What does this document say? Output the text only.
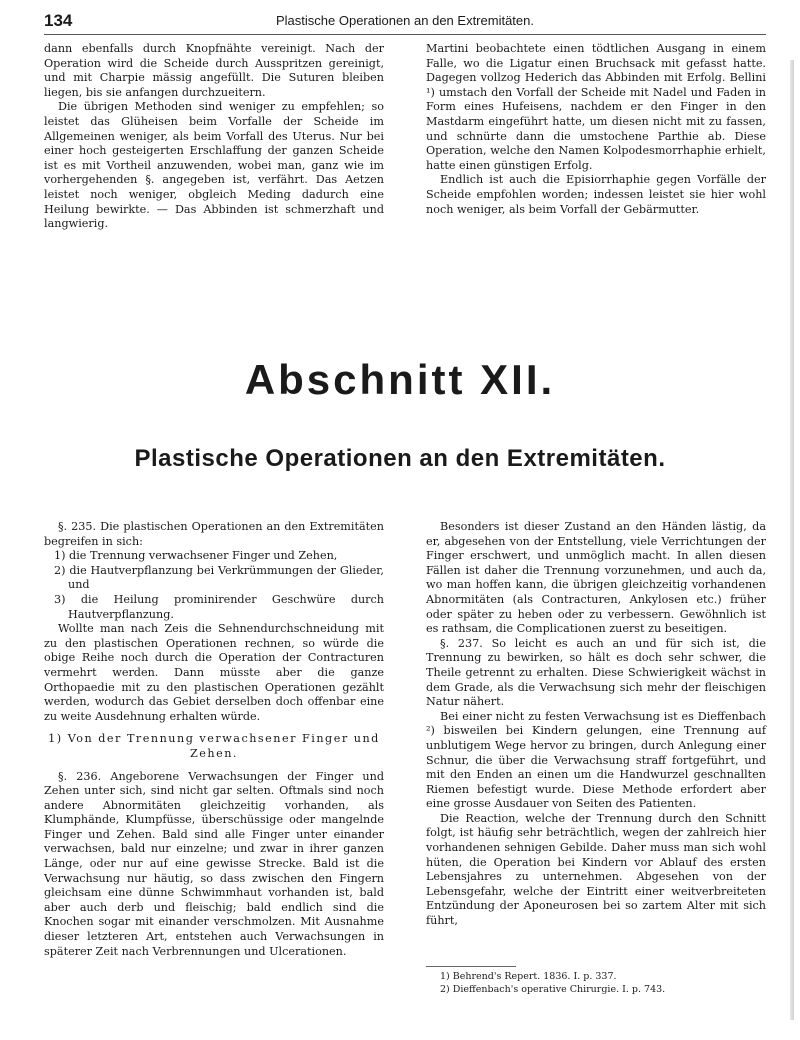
134	Plastische Operationen an den Extremitäten.

dann ebenfalls durch Knopfnähte vereinigt. Nach der Operation wird die Scheide durch Ausspritzen gereinigt, und mit Charpie mässig angefüllt. Die Suturen bleiben liegen, bis sie anfangen durchzueitern.

Die übrigen Methoden sind weniger zu empfehlen; so leistet das Glüheisen beim Vorfalle der Scheide im Allgemeinen weniger, als beim Vorfall des Uterus. Nur bei einer hoch gesteigerten Erschlaffung der ganzen Scheide ist es mit Vortheil anzuwenden, wobei man, ganz wie im vorhergehenden §. angegeben ist, verfährt. Das Aetzen leistet noch weniger, obgleich Meding dadurch eine Heilung bewirkte. — Das Abbinden ist schmerzhaft und langwierig.

Martini beobachtete einen tödtlichen Ausgang in einem Falle, wo die Ligatur einen Bruchsack mit gefasst hatte. Dagegen vollzog Hederich das Abbinden mit Erfolg. Bellini ¹) umstach den Vorfall der Scheide mit Nadel und Faden in Form eines Hufeisens, nachdem er den Finger in den Mastdarm eingeführt hatte, um diesen nicht mit zu fassen, und schnürte dann die umstochene Parthie ab. Diese Operation, welche den Namen Kolpodesmorrhaphie erhielt, hatte einen günstigen Erfolg.

Endlich ist auch die Episiorrhaphie gegen Vorfälle der Scheide empfohlen worden; indessen leistet sie hier wohl noch weniger, als beim Vorfall der Gebärmutter.

Abschnitt XII.
Plastische Operationen an den Extremitäten.

§. 235. Die plastischen Operationen an den Extremitäten begreifen in sich:

1) die Trennung verwachsener Finger und Zehen,

2) die Hautverpflanzung bei Verkrümmungen der Glieder, und

3) die Heilung prominirender Geschwüre durch Hautverpflanzung.

Wollte man nach Zeis die Sehnendurchschneidung mit zu den plastischen Operationen rechnen, so würde die obige Reihe noch durch die Operation der Contracturen vermehrt werden. Dann müsste aber die ganze Orthopaedie mit zu den plastischen Operationen gezählt werden, wodurch das Gebiet derselben doch offenbar eine zu weite Ausdehnung erhalten würde.

1) Von der Trennung verwachsener Finger und Zehen.

§. 236. Angeborene Verwachsungen der Finger und Zehen unter sich, sind nicht gar selten. Oftmals sind noch andere Abnormitäten gleichzeitig vorhanden, als Klumphände, Klumpfüsse, überschüssige oder mangelnde Finger und Zehen. Bald sind alle Finger unter einander verwachsen, bald nur einzelne; und zwar in ihrer ganzen Länge, oder nur auf eine gewisse Strecke. Bald ist die Verwachsung nur häutig, so dass zwischen den Fingern gleichsam eine dünne Schwimmhaut vorhanden ist, bald aber auch derb und fleischig; bald endlich sind die Knochen sogar mit einander verschmolzen. Mit Ausnahme dieser letzteren Art, entstehen auch Verwachsungen in späterer Zeit nach Verbrennungen und Ulcerationen.

Besonders ist dieser Zustand an den Händen lästig, da er, abgesehen von der Entstellung, viele Verrichtungen der Finger erschwert, und unmöglich macht. In allen diesen Fällen ist daher die Trennung vorzunehmen, und auch da, wo man hoffen kann, die übrigen gleichzeitig vorhandenen Abnormitäten (als Contracturen, Ankylosen etc.) früher oder später zu heben oder zu verbessern. Gewöhnlich ist es rathsam, die Complicationen zuerst zu beseitigen.

§. 237. So leicht es auch an und für sich ist, die Trennung zu bewirken, so hält es doch sehr schwer, die Theile getrennt zu erhalten. Diese Schwierigkeit wächst in dem Grade, als die Verwachsung sich mehr der fleischigen Natur nähert.

Bei einer nicht zu festen Verwachsung ist es Dieffenbach ²) bisweilen bei Kindern gelungen, eine Trennung auf unblutigem Wege hervor zu bringen, durch Anlegung einer Schnur, die über die Verwachsung straff fortgeführt, und mit den Enden an einen um die Handwurzel geschnallten Riemen befestigt wurde. Diese Methode erfordert aber eine grosse Ausdauer von Seiten des Patienten.

Die Reaction, welche der Trennung durch den Schnitt folgt, ist häufig sehr beträchtlich, wegen der zahlreich hier vorhandenen sehnigen Gebilde. Daher muss man sich wohl hüten, die Operation bei Kindern vor Ablauf des ersten Lebensjahres zu unternehmen. Abgesehen von der Lebensgefahr, welche der Eintritt einer weitverbreiteten Entzündung der Aponeurosen bei so zartem Alter mit sich führt,

1) Behrend's Repert. 1836. I. p. 337.

2) Dieffenbach's operative Chirurgie. I. p. 743.
